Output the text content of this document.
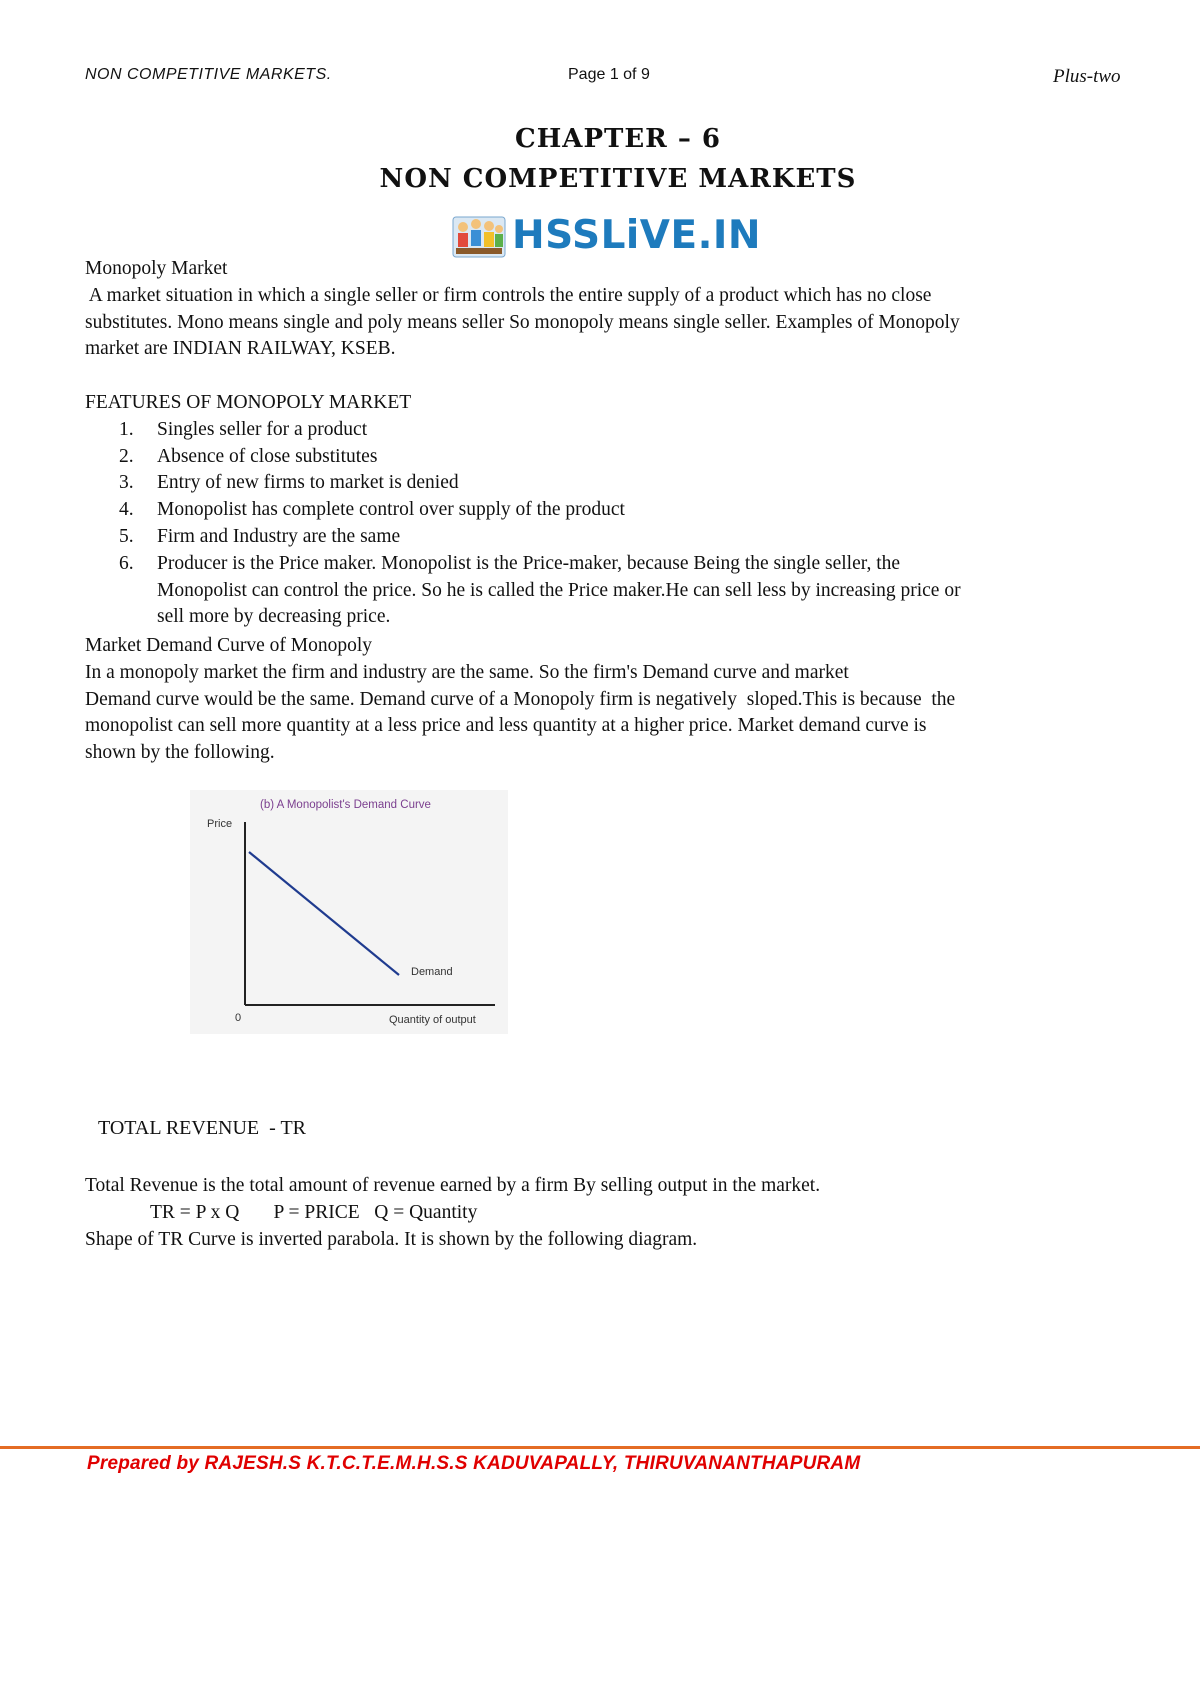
NON COMPETITIVE MARKETS.	Page 1 of 9	Plus-two
CHAPTER – 6
NON COMPETITIVE MARKETS
HSSLiVE.IN

Monopoly Market

A market situation in which a single seller or firm controls the entire supply of a product which has no close

substitutes. Mono means single and poly means seller So monopoly means single seller. Examples of Monopoly

market are INDIAN RAILWAY, KSEB.

FEATURES OF MONOPOLY MARKET

1. Singles seller for a product
2. Absence of close substitutes
3. Entry of new firms to market is denied
4. Monopolist has complete control over supply of the product
5. Firm and Industry are the same
6. Producer is the Price maker. Monopolist is the Price-maker, because Being the single seller, the
Monopolist can control the price. So he is called the Price maker.He can sell less by increasing price or
sell more by decreasing price.

Market Demand Curve of Monopoly

In a monopoly market the firm and industry are the same. So the firm's Demand curve and market

Demand curve would be the same. Demand curve of a Monopoly firm is negatively  sloped.This is because  the

monopolist can sell more quantity at a less price and less quantity at a higher price. Market demand curve is

shown by the following.

(b) A Monopolist's Demand Curve
Price
Demand
0	Quantity of output
TOTAL REVENUE  - TR

Total Revenue is the total amount of revenue earned by a firm By selling output in the market.

TR = P x Q       P = PRICE   Q = Quantity

Shape of TR Curve is inverted parabola. It is shown by the following diagram.

Prepared by RAJESH.S K.T.C.T.E.M.H.S.S KADUVAPALLY, THIRUVANANTHAPURAM
